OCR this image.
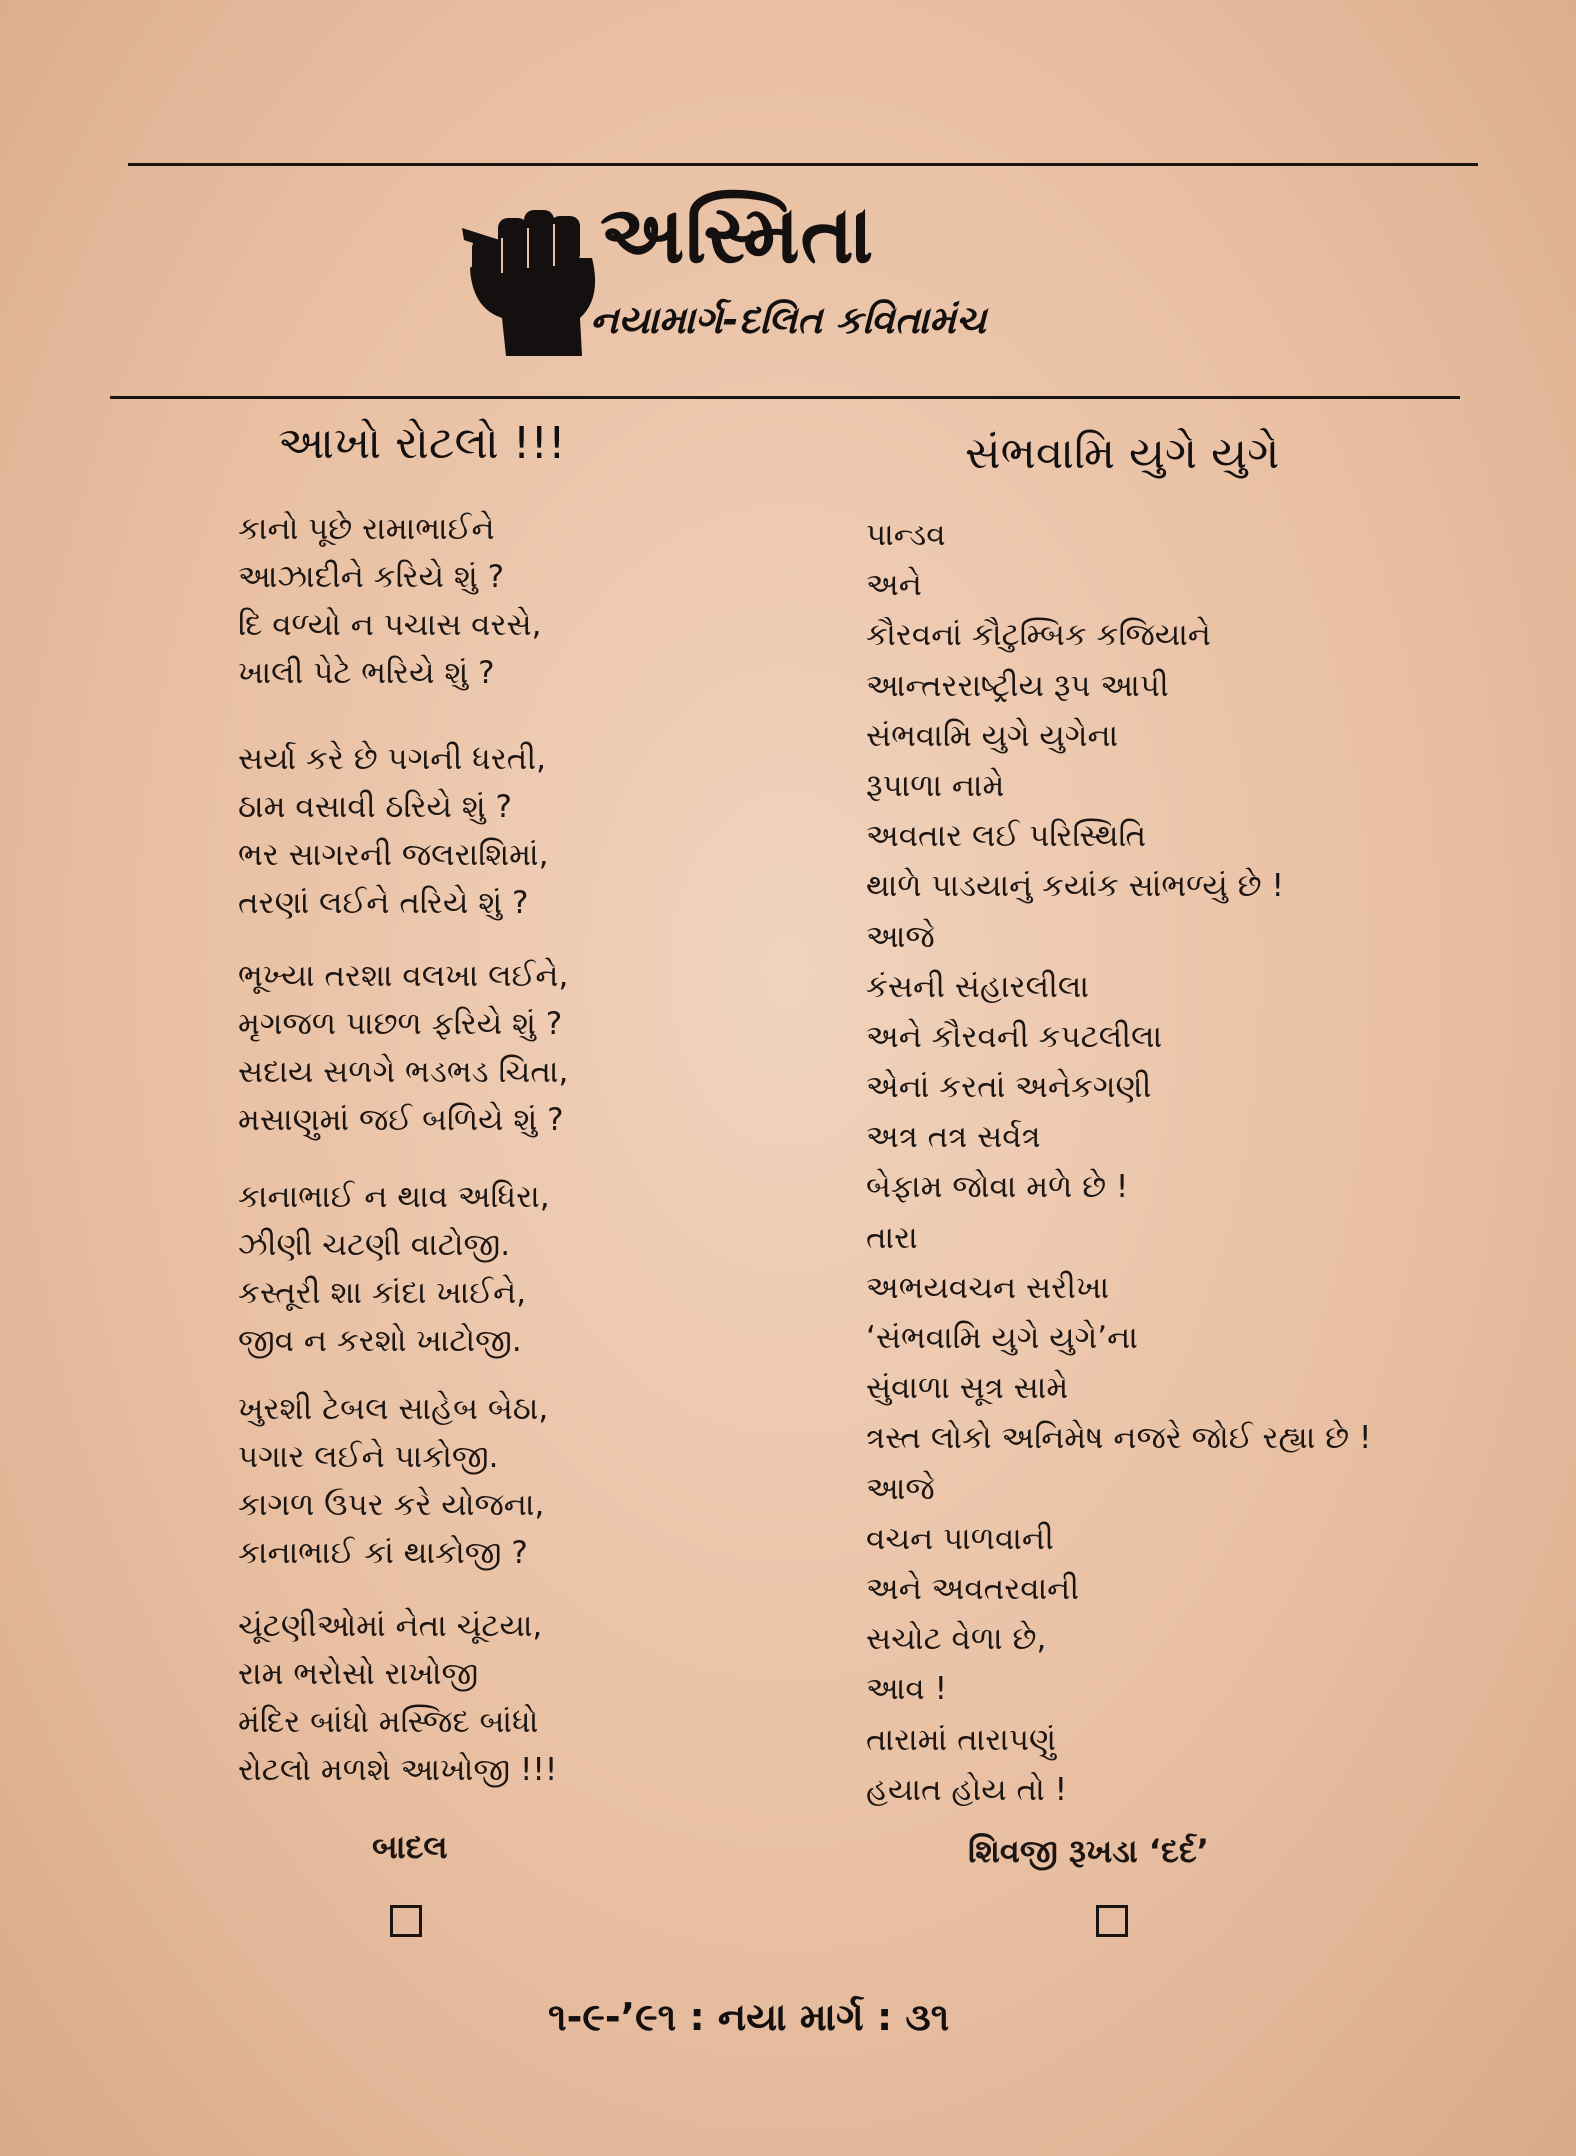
અસ્મિતા
નયામાર્ગ-દલિત કવિતામંચ
આખો રોટલો !!!
કાનો પૂછે રામાભાઈને
આઝાદીને કરિયે શું ?
દિ વળ્યો ન પચાસ વરસે,
ખાલી પેટે ભરિયે શું ?
સર્યા કરે છે પગની ધરતી,
ઠામ વસાવી ઠરિયે શું ?
ભર સાગરની જલરાશિમાં,
તરણાં લઈને તરિયે શું ?
ભૂખ્યા તરશા વલખા લઈને,
મૃગજળ પાછળ ફરિયે શું ?
સદાય સળગે ભડભડ ચિતા,
મસાણુમાં જઈ બળિયે શું ?
કાનાભાઈ ન થાવ અધિરા,
ઝીણી ચટણી વાટોજી.
કસ્તૂરી શા કાંદા ખાઈને,
જીવ ન કરશો ખાટોજી.
ખુરશી ટેબલ સાહેબ બેઠા,
પગાર લઈને પાકોજી.
કાગળ ઉપર કરે યોજના,
કાનાભાઈ કાં થાકોજી ?
ચૂંટણીઓમાં નેતા ચૂંટયા,
રામ ભરોસો રાખોજી
મંદિર બાંધો મસ્જિદ બાંધો
રોટલો મળશે આખોજી !!!
બાદલ
સંભવામિ યુગે યુગે
પાન્ડવ
અને
કૌરવનાં કૌટુમ્બિક કજિયાને
આન્તરરાષ્ટ્રીય રૂપ આપી
સંભવામિ યુગે યુગેના
રૂપાળા નામે
અવતાર લઈ પરિસ્થિતિ
થાળે પાડયાનું કયાંક સાંભળ્યું છે !
આજે
કંસની સંહારલીલા
અને કૌરવની કપટલીલા
એનાં કરતાં અનેકગણી
અત્ર તત્ર સર્વત્ર
બેફામ જોવા મળે છે !
તારા
અભયવચન સરીખા
‘સંભવામિ યુગે યુગે’ના
સુંવાળા સૂત્ર સામે
ત્રસ્ત લોકો અનિમેષ નજરે જોઈ રહ્યા છે !
આજે
વચન પાળવાની
અને અવતરવાની
સચોટ વેળા છે,
આવ !
તારામાં તારાપણું
હયાત હોય તો !
શિવજી રૂખડા ‘દર્દ’
૧-૯-’૯૧ : નયા માર્ગ : ૩૧
